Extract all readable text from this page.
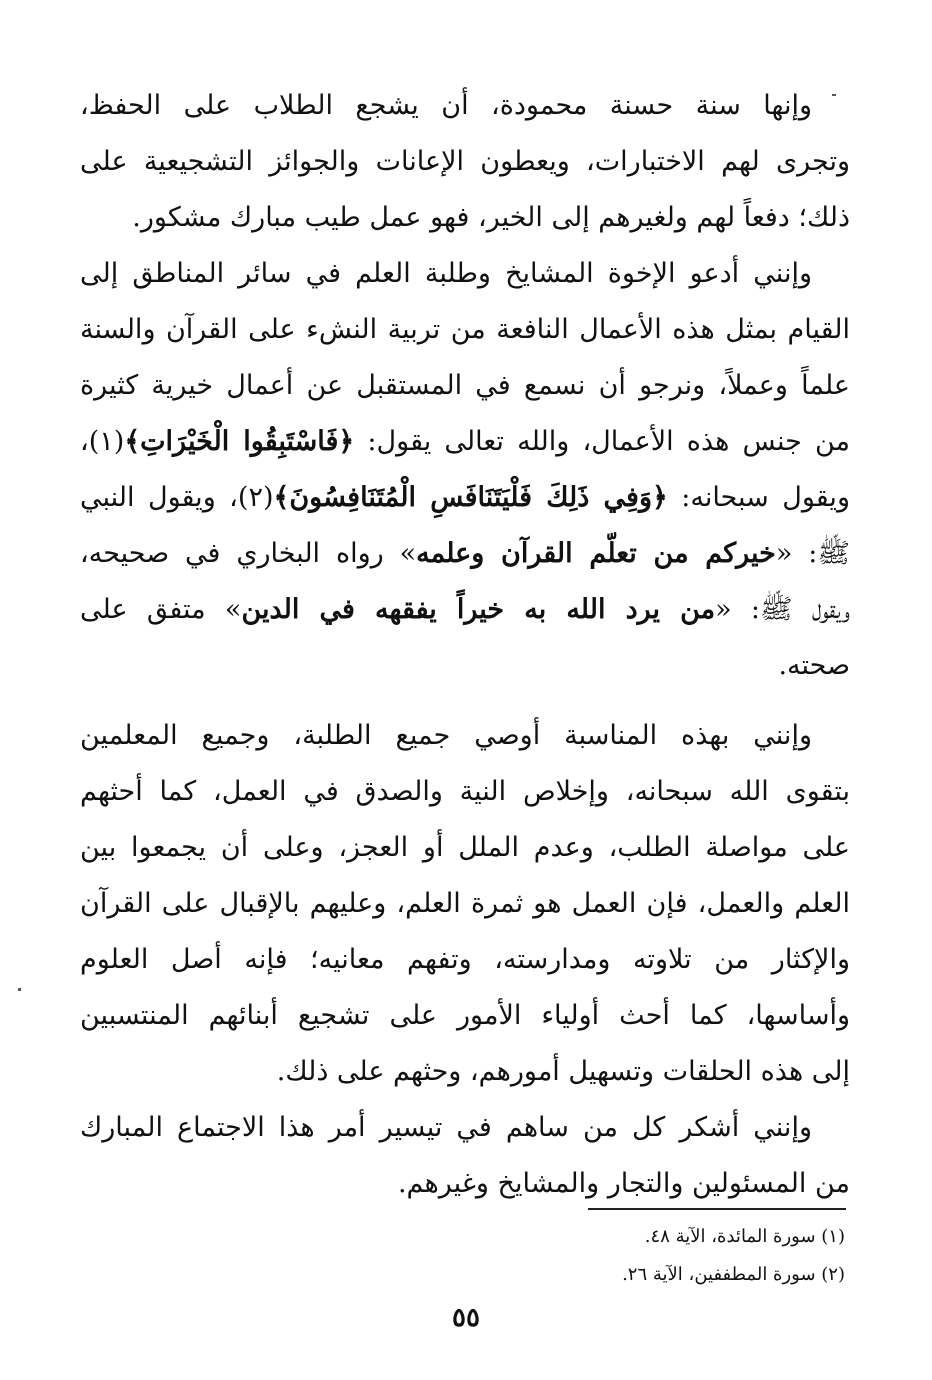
وإنها سنة حسنة محمودة، أن يشجع الطلاب على الحفظ،
وتجرى لهم الاختبارات، ويعطون الإعانات والجوائز التشجيعية على
ذلك؛ دفعاً لهم ولغيرهم إلى الخير، فهو عمل طيب مبارك مشكور.
وإنني أدعو الإخوة المشايخ وطلبة العلم في سائر المناطق إلى
القيام بمثل هذه الأعمال النافعة من تربية النشء على القرآن والسنة
علماً وعملاً، ونرجو أن نسمع في المستقبل عن أعمال خيرية كثيرة
من جنس هذه الأعمال، والله تعالى يقول: ﴿فَاسْتَبِقُوا الْخَيْرَاتِ﴾(١)،
ويقول سبحانه: ﴿وَفِي ذَلِكَ فَلْيَتَنَافَسِ الْمُتَنَافِسُونَ﴾(٢)، ويقول النبي
ﷺ: «خيركم من تعلّم القرآن وعلمه» رواه البخاري في صحيحه،
ويقول ﷺ: «من يرد الله به خيراً يفقهه في الدين» متفق على
صحته.
وإنني بهذه المناسبة أوصي جميع الطلبة، وجميع المعلمين
بتقوى الله سبحانه، وإخلاص النية والصدق في العمل، كما أحثهم
على مواصلة الطلب، وعدم الملل أو العجز، وعلى أن يجمعوا بين
العلم والعمل، فإن العمل هو ثمرة العلم، وعليهم بالإقبال على القرآن
والإكثار من تلاوته ومدارسته، وتفهم معانيه؛ فإنه أصل العلوم
وأساسها، كما أحث أولياء الأمور على تشجيع أبنائهم المنتسبين
إلى هذه الحلقات وتسهيل أمورهم، وحثهم على ذلك.
وإنني أشكر كل من ساهم في تيسير أمر هذا الاجتماع المبارك
من المسئولين والتجار والمشايخ وغيرهم.
(١) سورة المائدة، الآية ٤٨.
(٢) سورة المطففين، الآية ٢٦.
٥٥
